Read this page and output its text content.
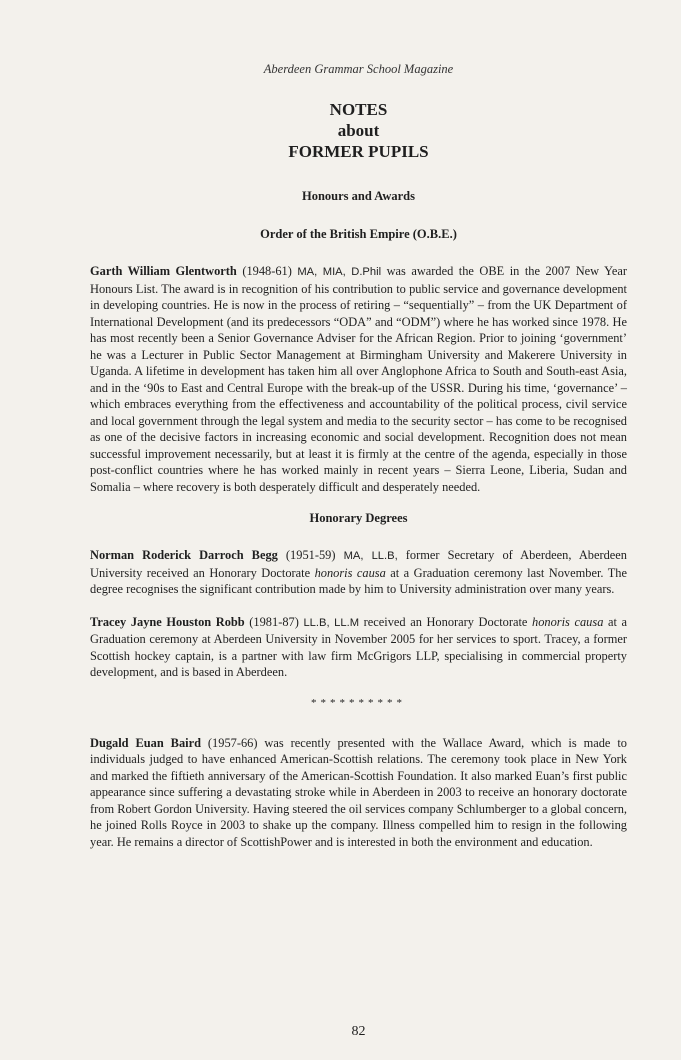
Aberdeen Grammar School Magazine
NOTES
about
FORMER PUPILS
Honours and Awards
Order of the British Empire (O.B.E.)

Garth William Glentworth (1948-61) MA, MIA, D.Phil was awarded the OBE in the 2007 New Year Honours List. The award is in recognition of his contribution to public service and governance development in developing countries. He is now in the process of retiring – “sequentially” – from the UK Department of International Development (and its predecessors “ODA” and “ODM”) where he has worked since 1978. He has most recently been a Senior Governance Adviser for the African Region. Prior to joining ‘government’ he was a Lecturer in Public Sector Management at Birmingham University and Makerere University in Uganda. A lifetime in development has taken him all over Anglophone Africa to South and South-east Asia, and in the ‘90s to East and Central Europe with the break-up of the USSR. During his time, ‘governance’ – which embraces everything from the effectiveness and accountability of the political process, civil service and local government through the legal system and media to the security sector – has come to be recognised as one of the decisive factors in increasing economic and social development. Recognition does not mean successful improvement necessarily, but at least it is firmly at the centre of the agenda, especially in those post-conflict countries where he has worked mainly in recent years – Sierra Leone, Liberia, Sudan and Somalia – where recovery is both desperately difficult and desperately needed.

Honorary Degrees

Norman Roderick Darroch Begg (1951-59) MA, LL.B, former Secretary of Aberdeen, Aberdeen University received an Honorary Doctorate honoris causa at a Graduation ceremony last November. The degree recognises the significant contribution made by him to University administration over many years.

Tracey Jayne Houston Robb (1981-87) LL.B, LL.M received an Honorary Doctorate honoris causa at a Graduation ceremony at Aberdeen University in November 2005 for her services to sport. Tracey, a former Scottish hockey captain, is a partner with law firm McGrigors LLP, specialising in commercial property development, and is based in Aberdeen.

**********

Dugald Euan Baird (1957-66) was recently presented with the Wallace Award, which is made to individuals judged to have enhanced American-Scottish relations. The ceremony took place in New York and marked the fiftieth anniversary of the American-Scottish Foundation. It also marked Euan’s first public appearance since suffering a devastating stroke while in Aberdeen in 2003 to receive an honorary doctorate from Robert Gordon University. Having steered the oil services company Schlumberger to a global concern, he joined Rolls Royce in 2003 to shake up the company. Illness compelled him to resign in the following year. He remains a director of ScottishPower and is interested in both the environment and education.

82
